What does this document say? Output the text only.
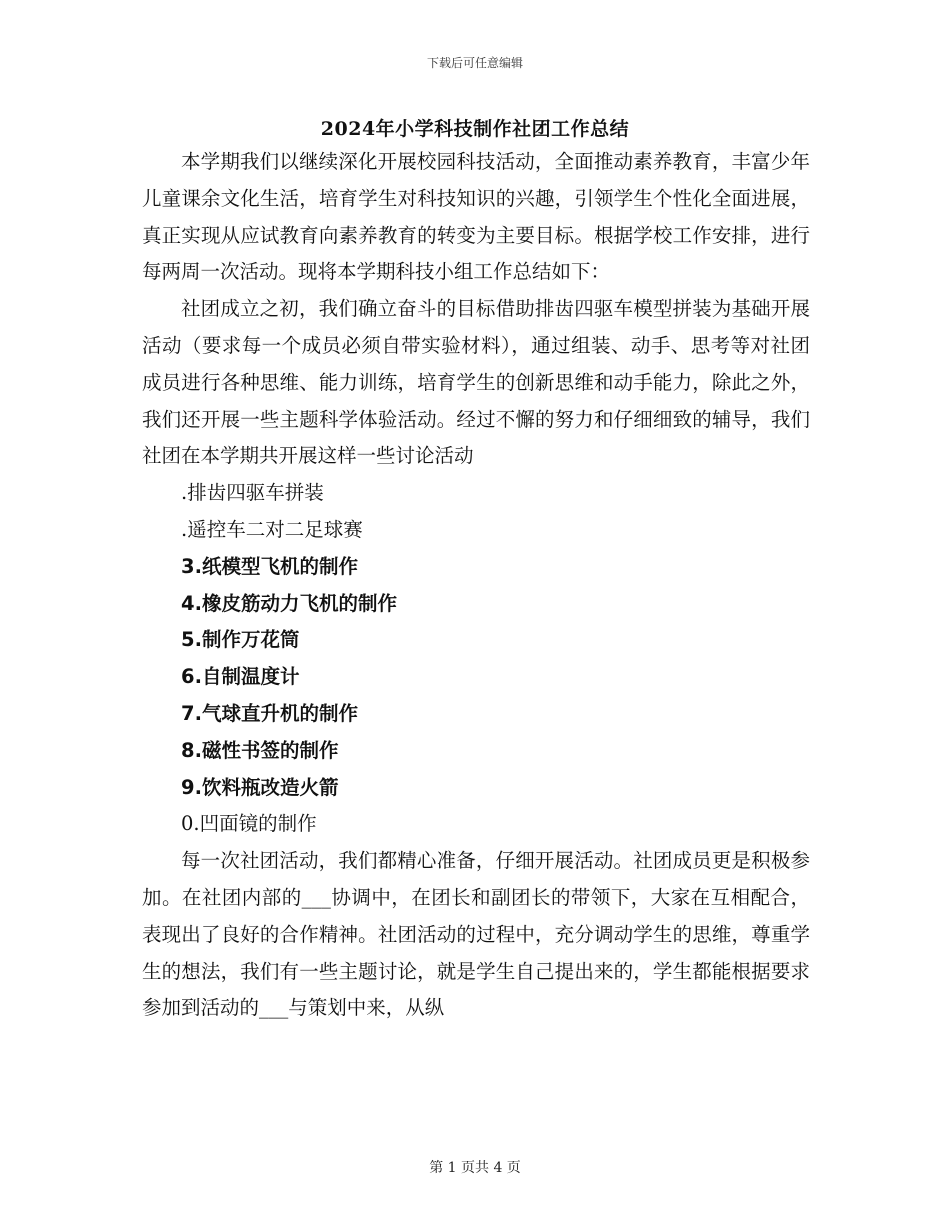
下载后可任意编辑
2024年小学科技制作社团工作总结

本学期我们以继续深化开展校园科技活动，全面推动素养教育，丰富少年儿童课余文化生活，培育学生对科技知识的兴趣，引领学生个性化全面进展，真正实现从应试教育向素养教育的转变为主要目标。根据学校工作安排，进行每两周一次活动。现将本学期科技小组工作总结如下：

社团成立之初，我们确立奋斗的目标借助排齿四驱车模型拼装为基础开展活动（要求每一个成员必须自带实验材料），通过组装、动手、思考等对社团成员进行各种思维、能力训练，培育学生的创新思维和动手能力，除此之外，我们还开展一些主题科学体验活动。经过不懈的努力和仔细细致的辅导，我们社团在本学期共开展这样一些讨论活动

.排齿四驱车拼装

.遥控车二对二足球赛

3.纸模型飞机的制作

4.橡皮筋动力飞机的制作

5.制作万花筒

6.自制温度计

7.气球直升机的制作

8.磁性书签的制作

9.饮料瓶改造火箭

0.凹面镜的制作

每一次社团活动，我们都精心准备，仔细开展活动。社团成员更是积极参加。在社团内部的___协调中，在团长和副团长的带领下，大家在互相配合，表现出了良好的合作精神。社团活动的过程中，充分调动学生的思维，尊重学生的想法，我们有一些主题讨论，就是学生自己提出来的，学生都能根据要求参加到活动的___与策划中来，从纵

第 1 页共 4 页
